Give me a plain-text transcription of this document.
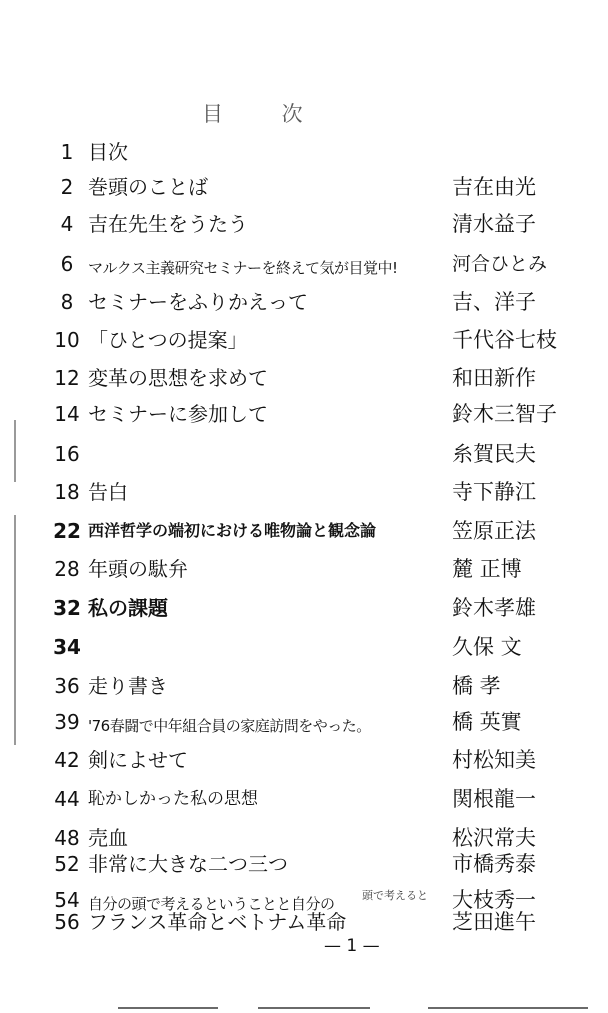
目 次
1 目次
2 巻頭のことば	吉在由光
4 吉在先生をうたう	清水益子
6 マルクス主義研究セミナーを終えて気が目覚中!	河合ひとみ
8 セミナーをふりかえって	吉、洋子
10 「ひとつの提案」	千代谷七枝
12 変革の思想を求めて	和田新作
14 セミナーに参加して	鈴木三智子
16	糸賀民夫
18 告白	寺下静江
22 西洋哲学の端初における唯物論と観念論	笠原正法
28 年頭の駄弁	麓 正博
32 私の課題	鈴木孝雄
34	久保 文
36 走り書き	橋 孝
39 '76春闘で中年組合員の家庭訪問をやった。	橋 英實
42 剣によせて	村松知美
44 恥かしかった私の思想	関根龍一
48 売血	松沢常夫
52 非常に大きな二つ三つ	市橋秀泰
54 自分の頭で考えるということと自分の	大枝秀一
56 フランス革命とベトナム革命	芝田進午
頭で考えると
— 1 —
